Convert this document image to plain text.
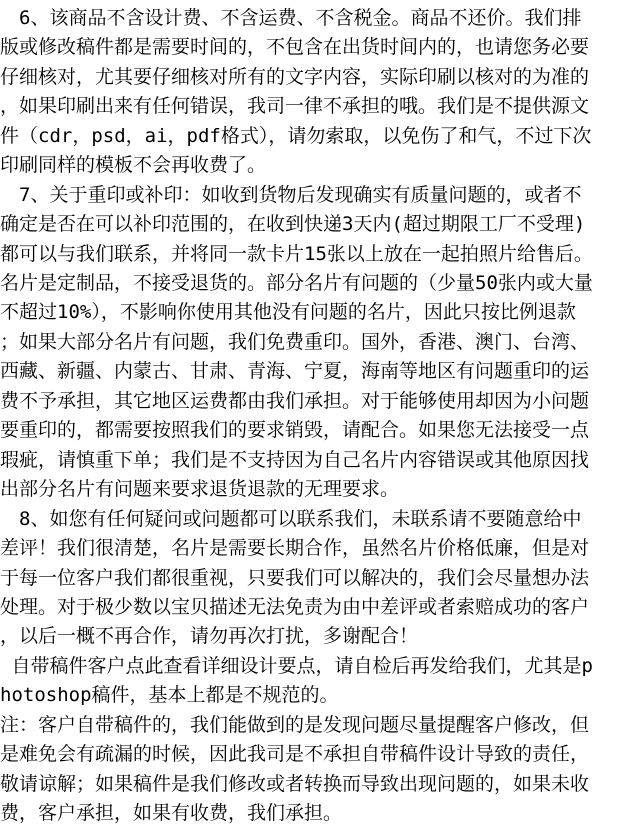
　6、该商品不含设计费、不含运费、不含税金。商品不还价。我们排
版或修改稿件都是需要时间的，不包含在出货时间内的，也请您务必要
仔细核对，尤其要仔细核对所有的文字内容，实际印刷以核对的为准的
，如果印刷出来有任何错误，我司一律不承担的哦。我们是不提供源文
件（cdr，psd，ai，pdf格式），请勿索取，以免伤了和气，不过下次
印刷同样的模板不会再收费了。
　7、关于重印或补印：如收到货物后发现确实有质量问题的，或者不
确定是否在可以补印范围的，在收到快递3天内(超过期限工厂不受理)
都可以与我们联系，并将同一款卡片15张以上放在一起拍照片给售后。
名片是定制品，不接受退货的。部分名片有问题的（少量50张内或大量
不超过10%），不影响你使用其他没有问题的名片，因此只按比例退款
；如果大部分名片有问题，我们免费重印。国外，香港、澳门、台湾、
西藏、新疆、内蒙古、甘肃、青海、宁夏，海南等地区有问题重印的运
费不予承担，其它地区运费都由我们承担。对于能够使用却因为小问题
要重印的，都需要按照我们的要求销毁，请配合。如果您无法接受一点
瑕疵，请慎重下单；我们是不支持因为自己名片内容错误或其他原因找
出部分名片有问题来要求退货退款的无理要求。
　8、如您有任何疑问或问题都可以联系我们，未联系请不要随意给中
差评！我们很清楚，名片是需要长期合作，虽然名片价格低廉，但是对
于每一位客户我们都很重视，只要我们可以解决的，我们会尽量想办法
处理。对于极少数以宝贝描述无法免责为由中差评或者索赔成功的客户
，以后一概不再合作，请勿再次打扰，多谢配合！
自带稿件客户点此查看详细设计要点，请自检后再发给我们，尤其是p
hotoshop稿件，基本上都是不规范的。
注：客户自带稿件的，我们能做到的是发现问题尽量提醒客户修改，但
是难免会有疏漏的时候，因此我司是不承担自带稿件设计导致的责任，
敬请谅解；如果稿件是我们修改或者转换而导致出现问题的，如果未收
费，客户承担，如果有收费，我们承担。
